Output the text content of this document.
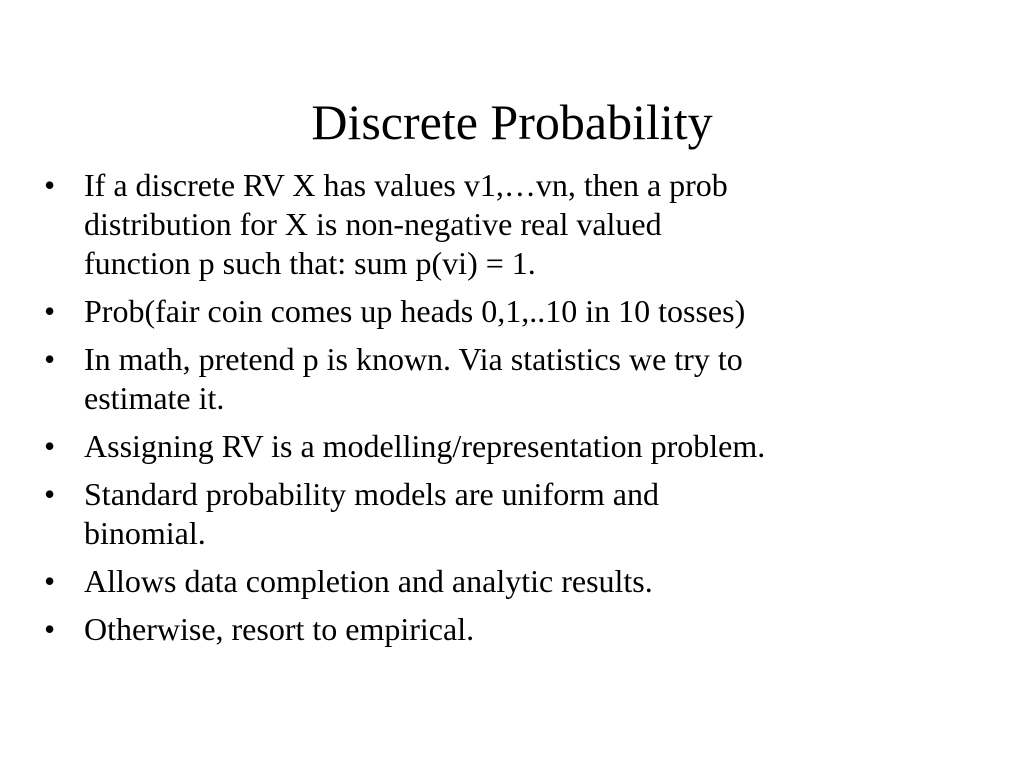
Discrete Probability
• If a discrete RV X has values v1,…vn, then a prob
distribution for X is non-negative real valued
function p such that: sum p(vi) = 1.
• Prob(fair coin comes up heads 0,1,..10 in 10 tosses)
• In math, pretend p is known. Via statistics we try to
estimate it.
• Assigning RV is a modelling/representation problem.
• Standard probability models are uniform and
binomial.
• Allows data completion and analytic results.
• Otherwise, resort to empirical.
